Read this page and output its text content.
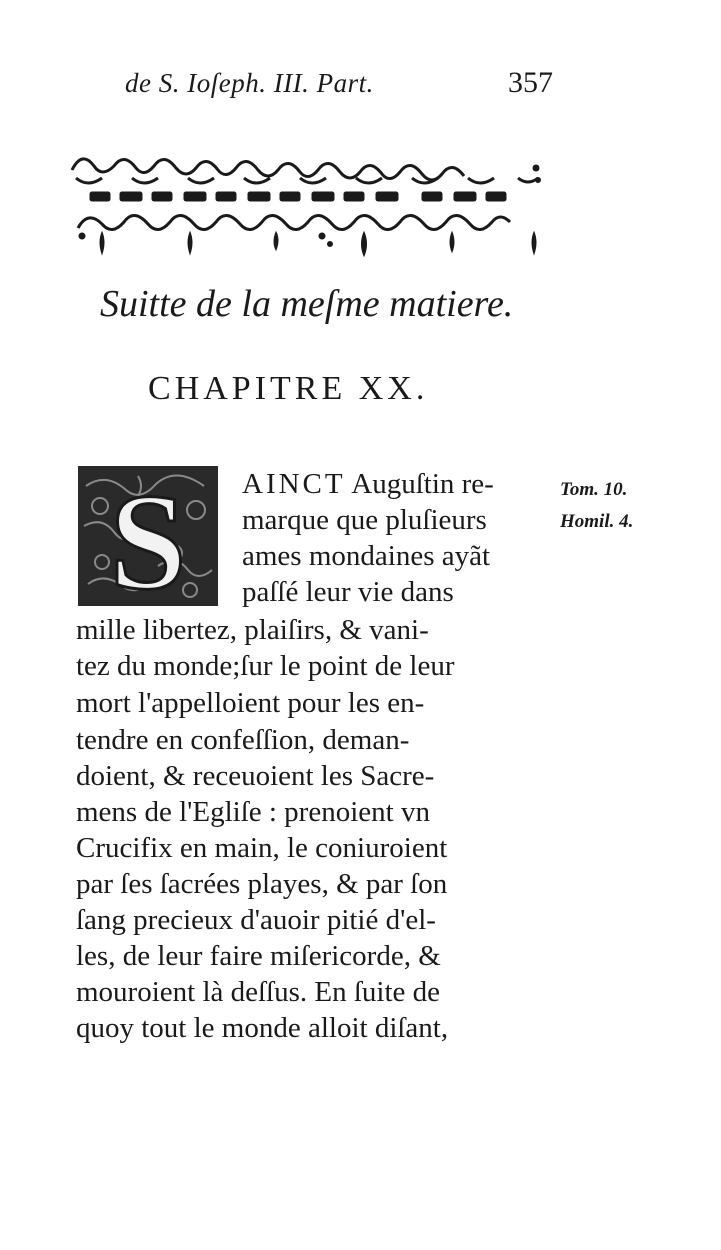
de S. Ioſeph. III. Part.	357
Suitte de la meſme matiere.
CHAPITRE XX.
S AINCT Auguſtin re-
marque que pluſieurs
ames mondaines ayãt
paſſé leur vie dans
mille libertez, plaiſirs, & vani-
tez du monde;ſur le point de leur
mort l'appelloient pour les en-
tendre en confeſſion, deman-
doient, & receuoient les Sacre-
mens de l'Egliſe : prenoient vn
Crucifix en main, le coniuroient
par ſes ſacrées playes, & par ſon
ſang precieux d'auoir pitié d'el-
les, de leur faire miſericorde, &
mouroient là deſſus. En ſuite de
quoy tout le monde alloit diſant,
Tom. 10.
Homil. 4.
